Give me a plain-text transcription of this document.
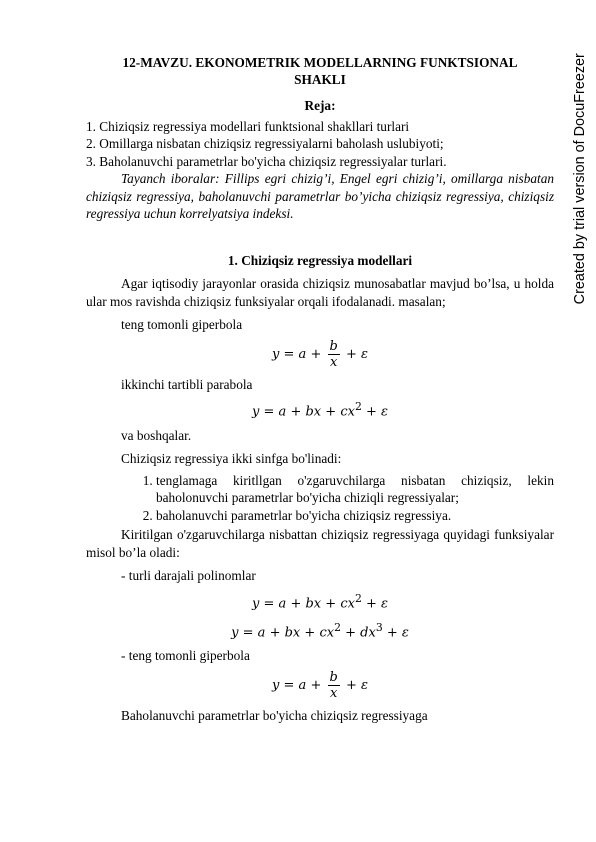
Created by trial version of DocuFreezer

12-MAVZU. EKONOMETRIK MODELLARNING FUNKTSIONAL SHAKLI

Reja:

1. Chiziqsiz regressiya modellari funktsional shakllari turlari

2. Omillarga nisbatan chiziqsiz regressiyalarni baholash uslubiyoti;

3. Baholanuvchi parametrlar bo'yicha chiziqsiz regressiyalar turlari.

Tayanch iboralar: Fillips egri chizig’i, Engel egri chizig’i, omillarga nisbatan chiziqsiz regressiya, baholanuvchi parametrlar bo’yicha chiziqsiz regressiya, chiziqsiz regressiya uchun korrelyatsiya indeksi.

1. Chiziqsiz regressiya modellari

Agar iqtisodiy jarayonlar orasida chiziqsiz munosabatlar mavjud bo’lsa, u holda ular mos ravishda chiziqsiz funksiyalar orqali ifodalanadi. masalan;

teng tomonli giperbola

$y = a + \frac{b}{x} + \varepsilon$

ikkinchi tartibli parabola

y = a + bx + $cx^2 + \varepsilon$

va boshqalar.

Chiziqsiz regressiya ikki sinfga bo'linadi:

1. tenglamaga kiritllgan o'zgaruvchilarga nisbatan chiziqsiz, lekin baholonuvchi parametrlar bo'yicha chiziqli regressiyalar;
2. baholanuvchi parametrlar bo'yicha chiziqsiz regressiya.

Kiritilgan o'zgaruvchilarga nisbattan chiziqsiz regressiyaga quyidagi funksiyalar misol bo’la oladi:

- turli darajali polinomlar

y = a + bx + $cx^2 + \varepsilon$
y = a + bx + $cx^2 + dx^3 + \varepsilon$

- teng tomonli giperbola

$y = a + \frac{b}{x} + \varepsilon$

Baholanuvchi parametrlar bo'yicha chiziqsiz regressiyaga
